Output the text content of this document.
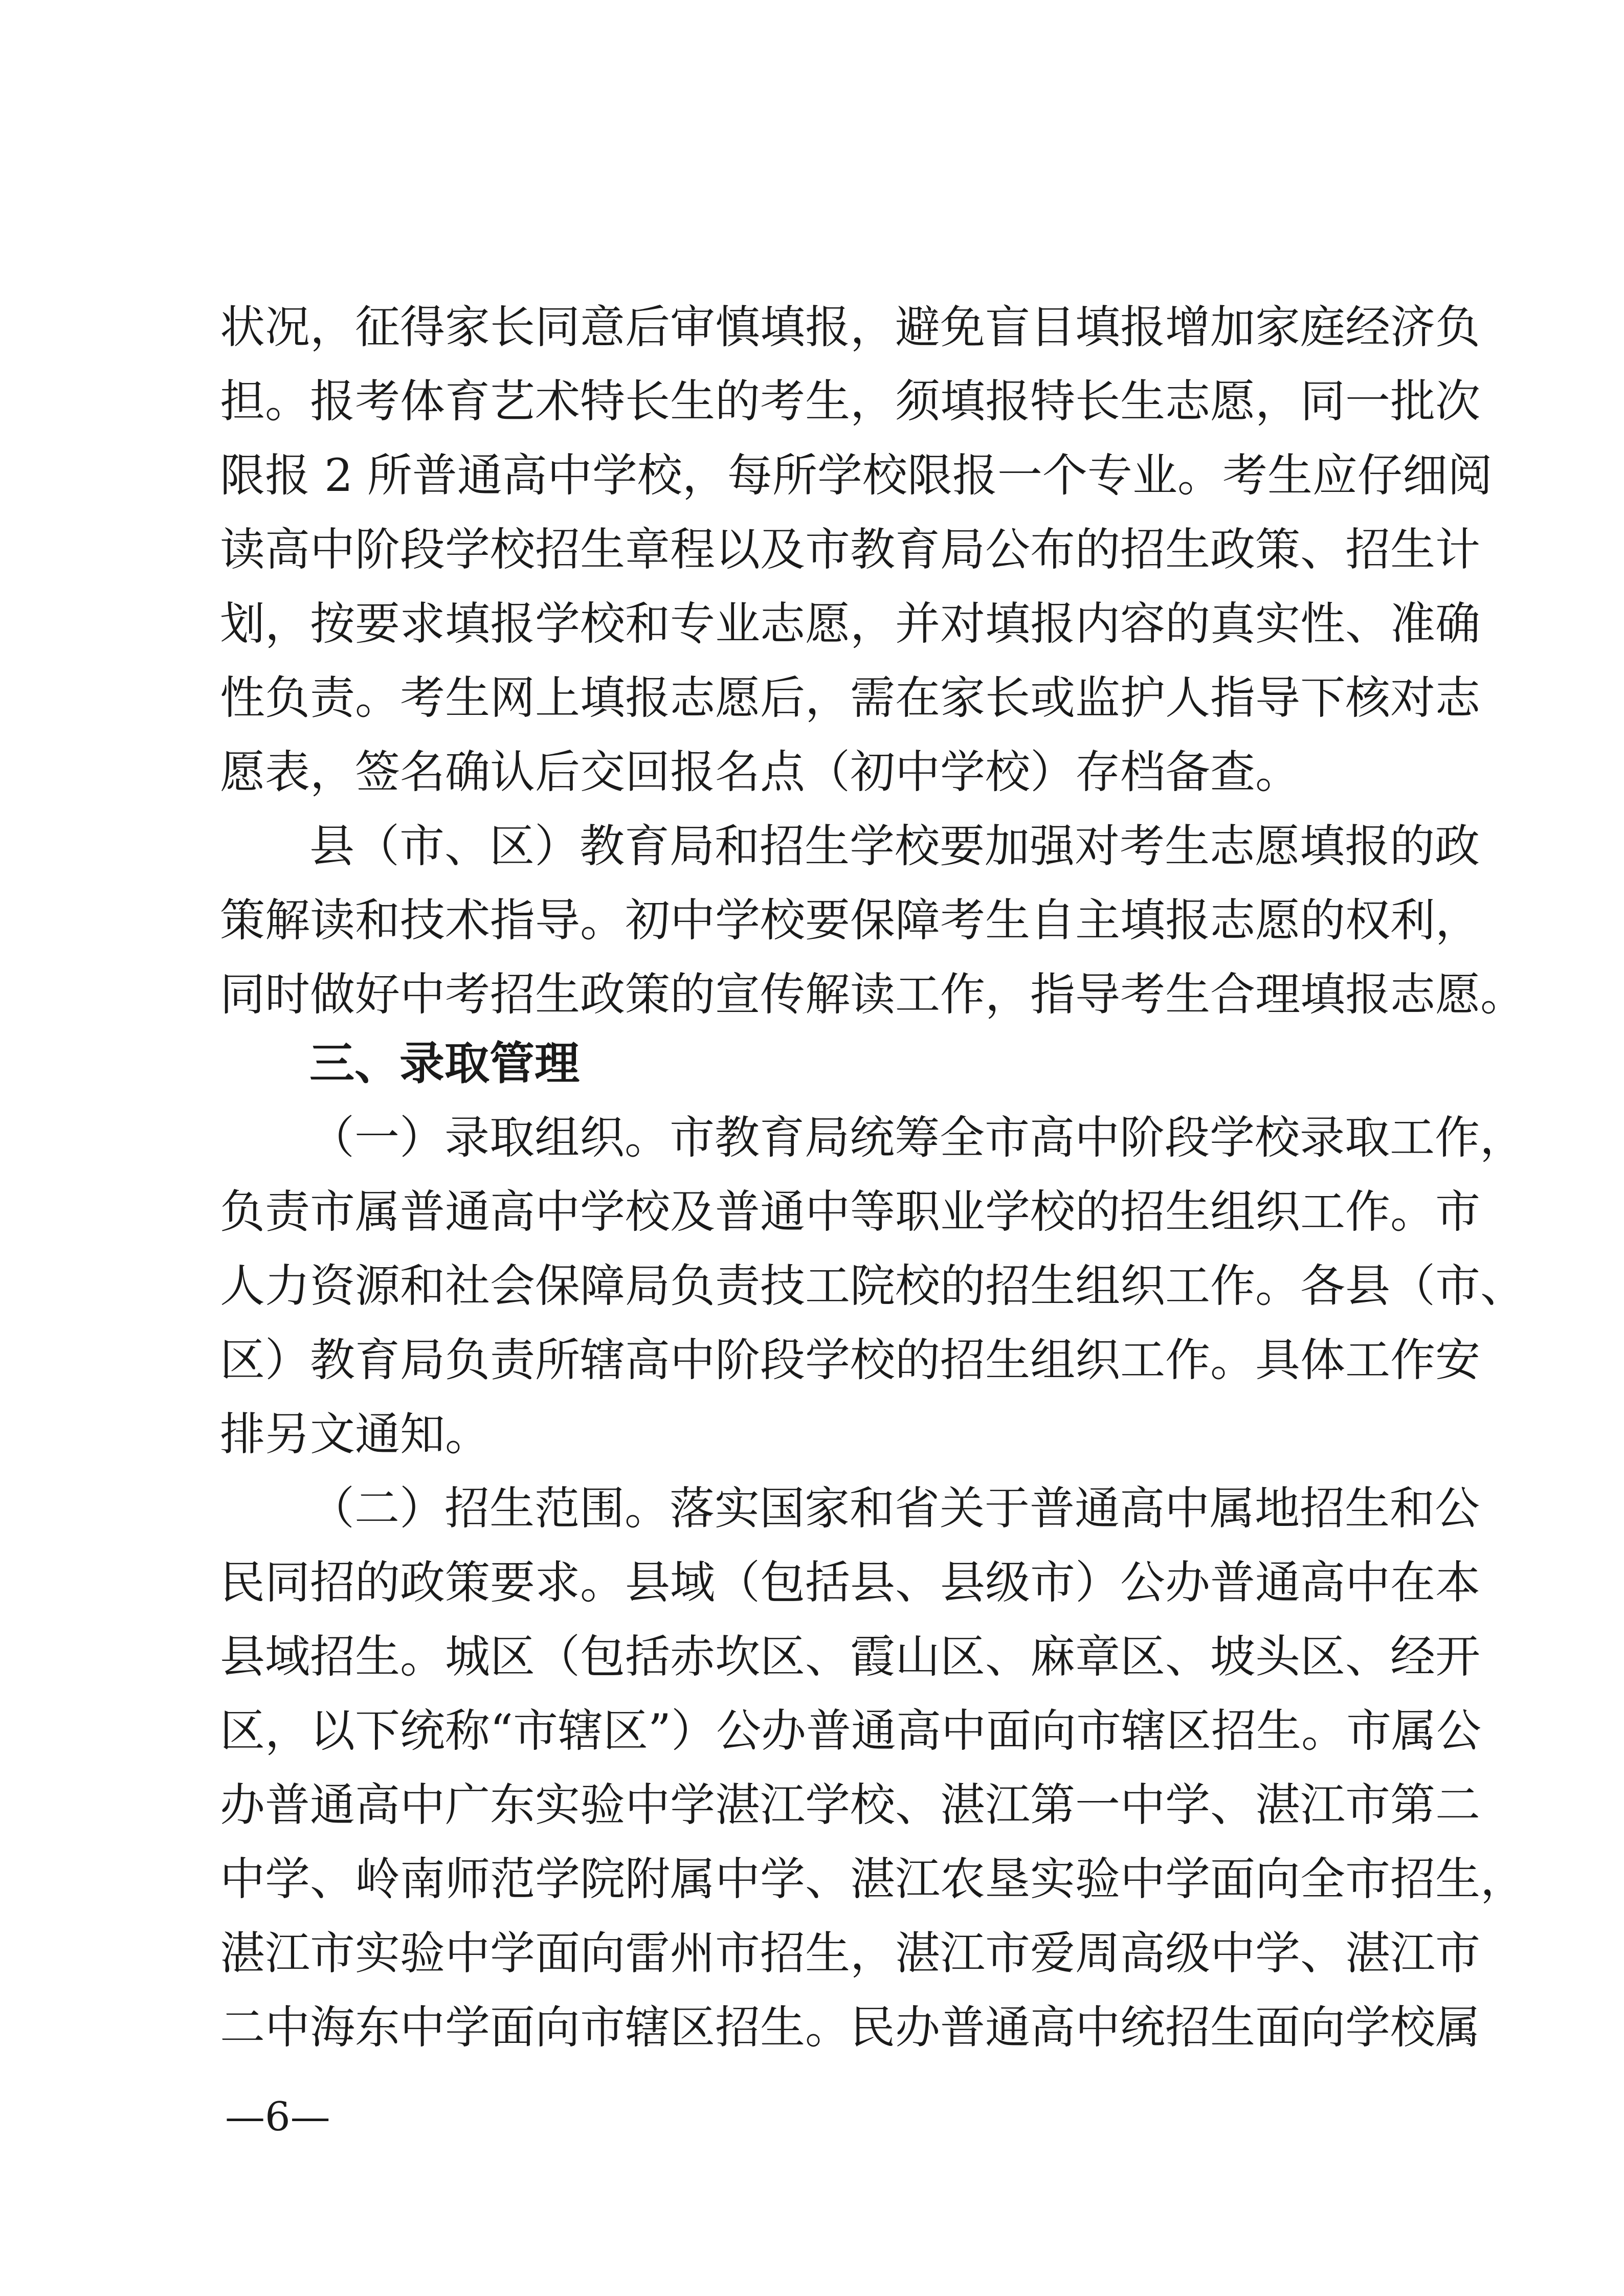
状况，征得家长同意后审慎填报，避免盲目填报增加家庭经济负
担。报考体育艺术特长生的考生，须填报特长生志愿，同一批次
限报 2 所普通高中学校，每所学校限报一个专业。考生应仔细阅
读高中阶段学校招生章程以及市教育局公布的招生政策、招生计
划，按要求填报学校和专业志愿，并对填报内容的真实性、准确
性负责。考生网上填报志愿后，需在家长或监护人指导下核对志
愿表，签名确认后交回报名点（初中学校）存档备查。
县（市、区）教育局和招生学校要加强对考生志愿填报的政
策解读和技术指导。初中学校要保障考生自主填报志愿的权利，
同时做好中考招生政策的宣传解读工作，指导考生合理填报志愿。
三、录取管理
（一）录取组织。市教育局统筹全市高中阶段学校录取工作，
负责市属普通高中学校及普通中等职业学校的招生组织工作。市
人力资源和社会保障局负责技工院校的招生组织工作。各县（市、
区）教育局负责所辖高中阶段学校的招生组织工作。具体工作安
排另文通知。
（二）招生范围。落实国家和省关于普通高中属地招生和公
民同招的政策要求。县域（包括县、县级市）公办普通高中在本
县域招生。城区（包括赤坎区、霞山区、麻章区、坡头区、经开
区，以下统称“市辖区”）公办普通高中面向市辖区招生。市属公
办普通高中广东实验中学湛江学校、湛江第一中学、湛江市第二
中学、岭南师范学院附属中学、湛江农垦实验中学面向全市招生，
湛江市实验中学面向雷州市招生，湛江市爱周高级中学、湛江市
二中海东中学面向市辖区招生。民办普通高中统招生面向学校属
—6—
